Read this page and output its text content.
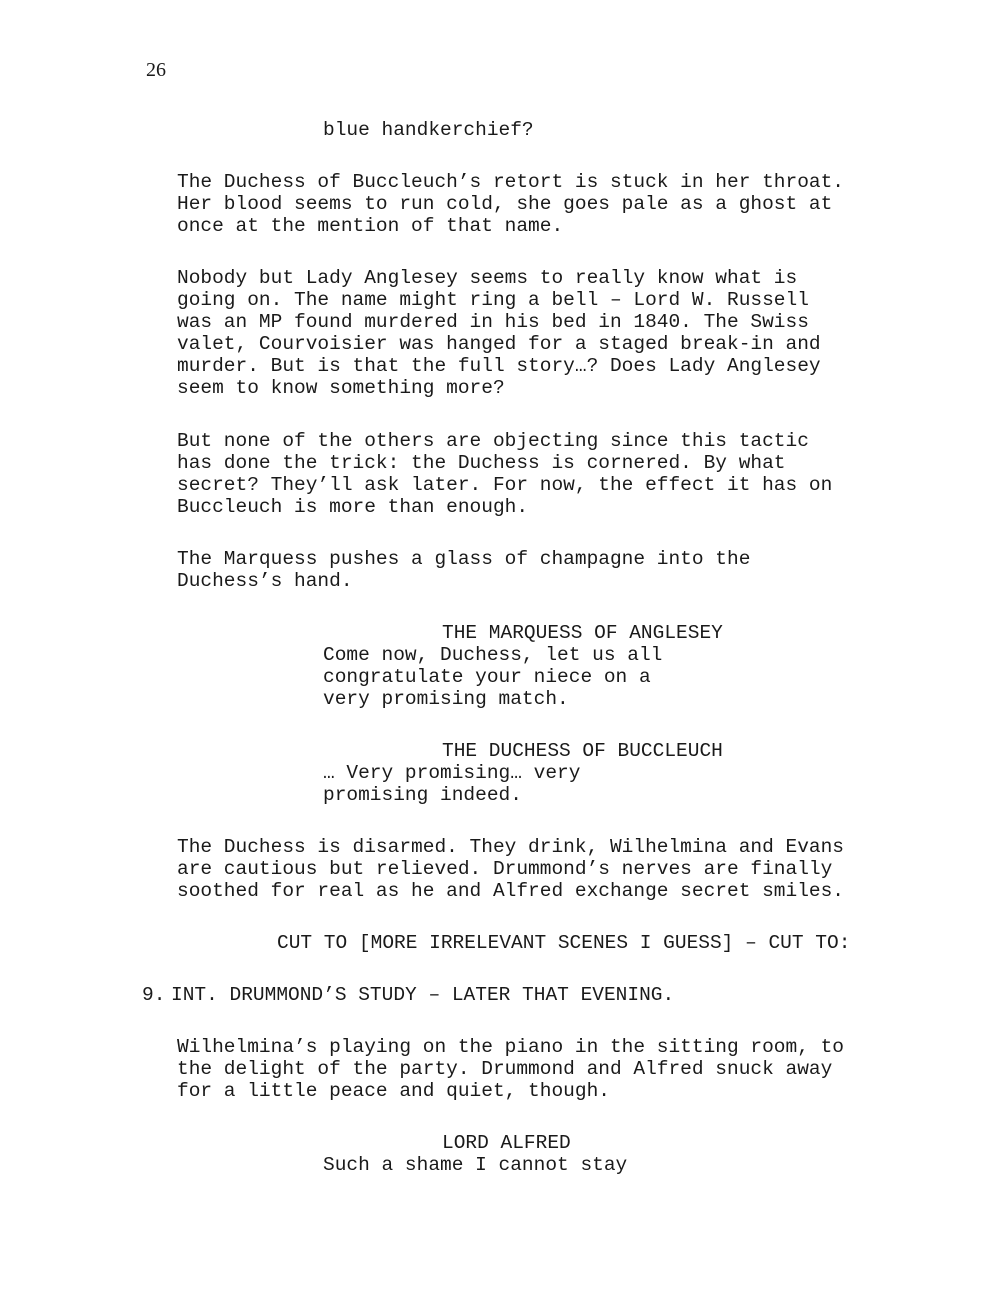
26
blue handkerchief?
The Duchess of Buccleuch’s retort is stuck in her throat.
Her blood seems to run cold, she goes pale as a ghost at
once at the mention of that name.
Nobody but Lady Anglesey seems to really know what is
going on. The name might ring a bell – Lord W. Russell
was an MP found murdered in his bed in 1840. The Swiss
valet, Courvoisier was hanged for a staged break-in and
murder. But is that the full story…? Does Lady Anglesey
seem to know something more?
But none of the others are objecting since this tactic
has done the trick: the Duchess is cornered. By what
secret? They’ll ask later. For now, the effect it has on
Buccleuch is more than enough.
The Marquess pushes a glass of champagne into the
Duchess’s hand.
THE MARQUESS OF ANGLESEY
Come now, Duchess, let us all
congratulate your niece on a
very promising match.
THE DUCHESS OF BUCCLEUCH
… Very promising… very
promising indeed.
The Duchess is disarmed. They drink, Wilhelmina and Evans
are cautious but relieved. Drummond’s nerves are finally
soothed for real as he and Alfred exchange secret smiles.
CUT TO [MORE IRRELEVANT SCENES I GUESS] – CUT TO:
9. INT. DRUMMOND’S STUDY – LATER THAT EVENING.
Wilhelmina’s playing on the piano in the sitting room, to
the delight of the party. Drummond and Alfred snuck away
for a little peace and quiet, though.
LORD ALFRED
Such a shame I cannot stay
